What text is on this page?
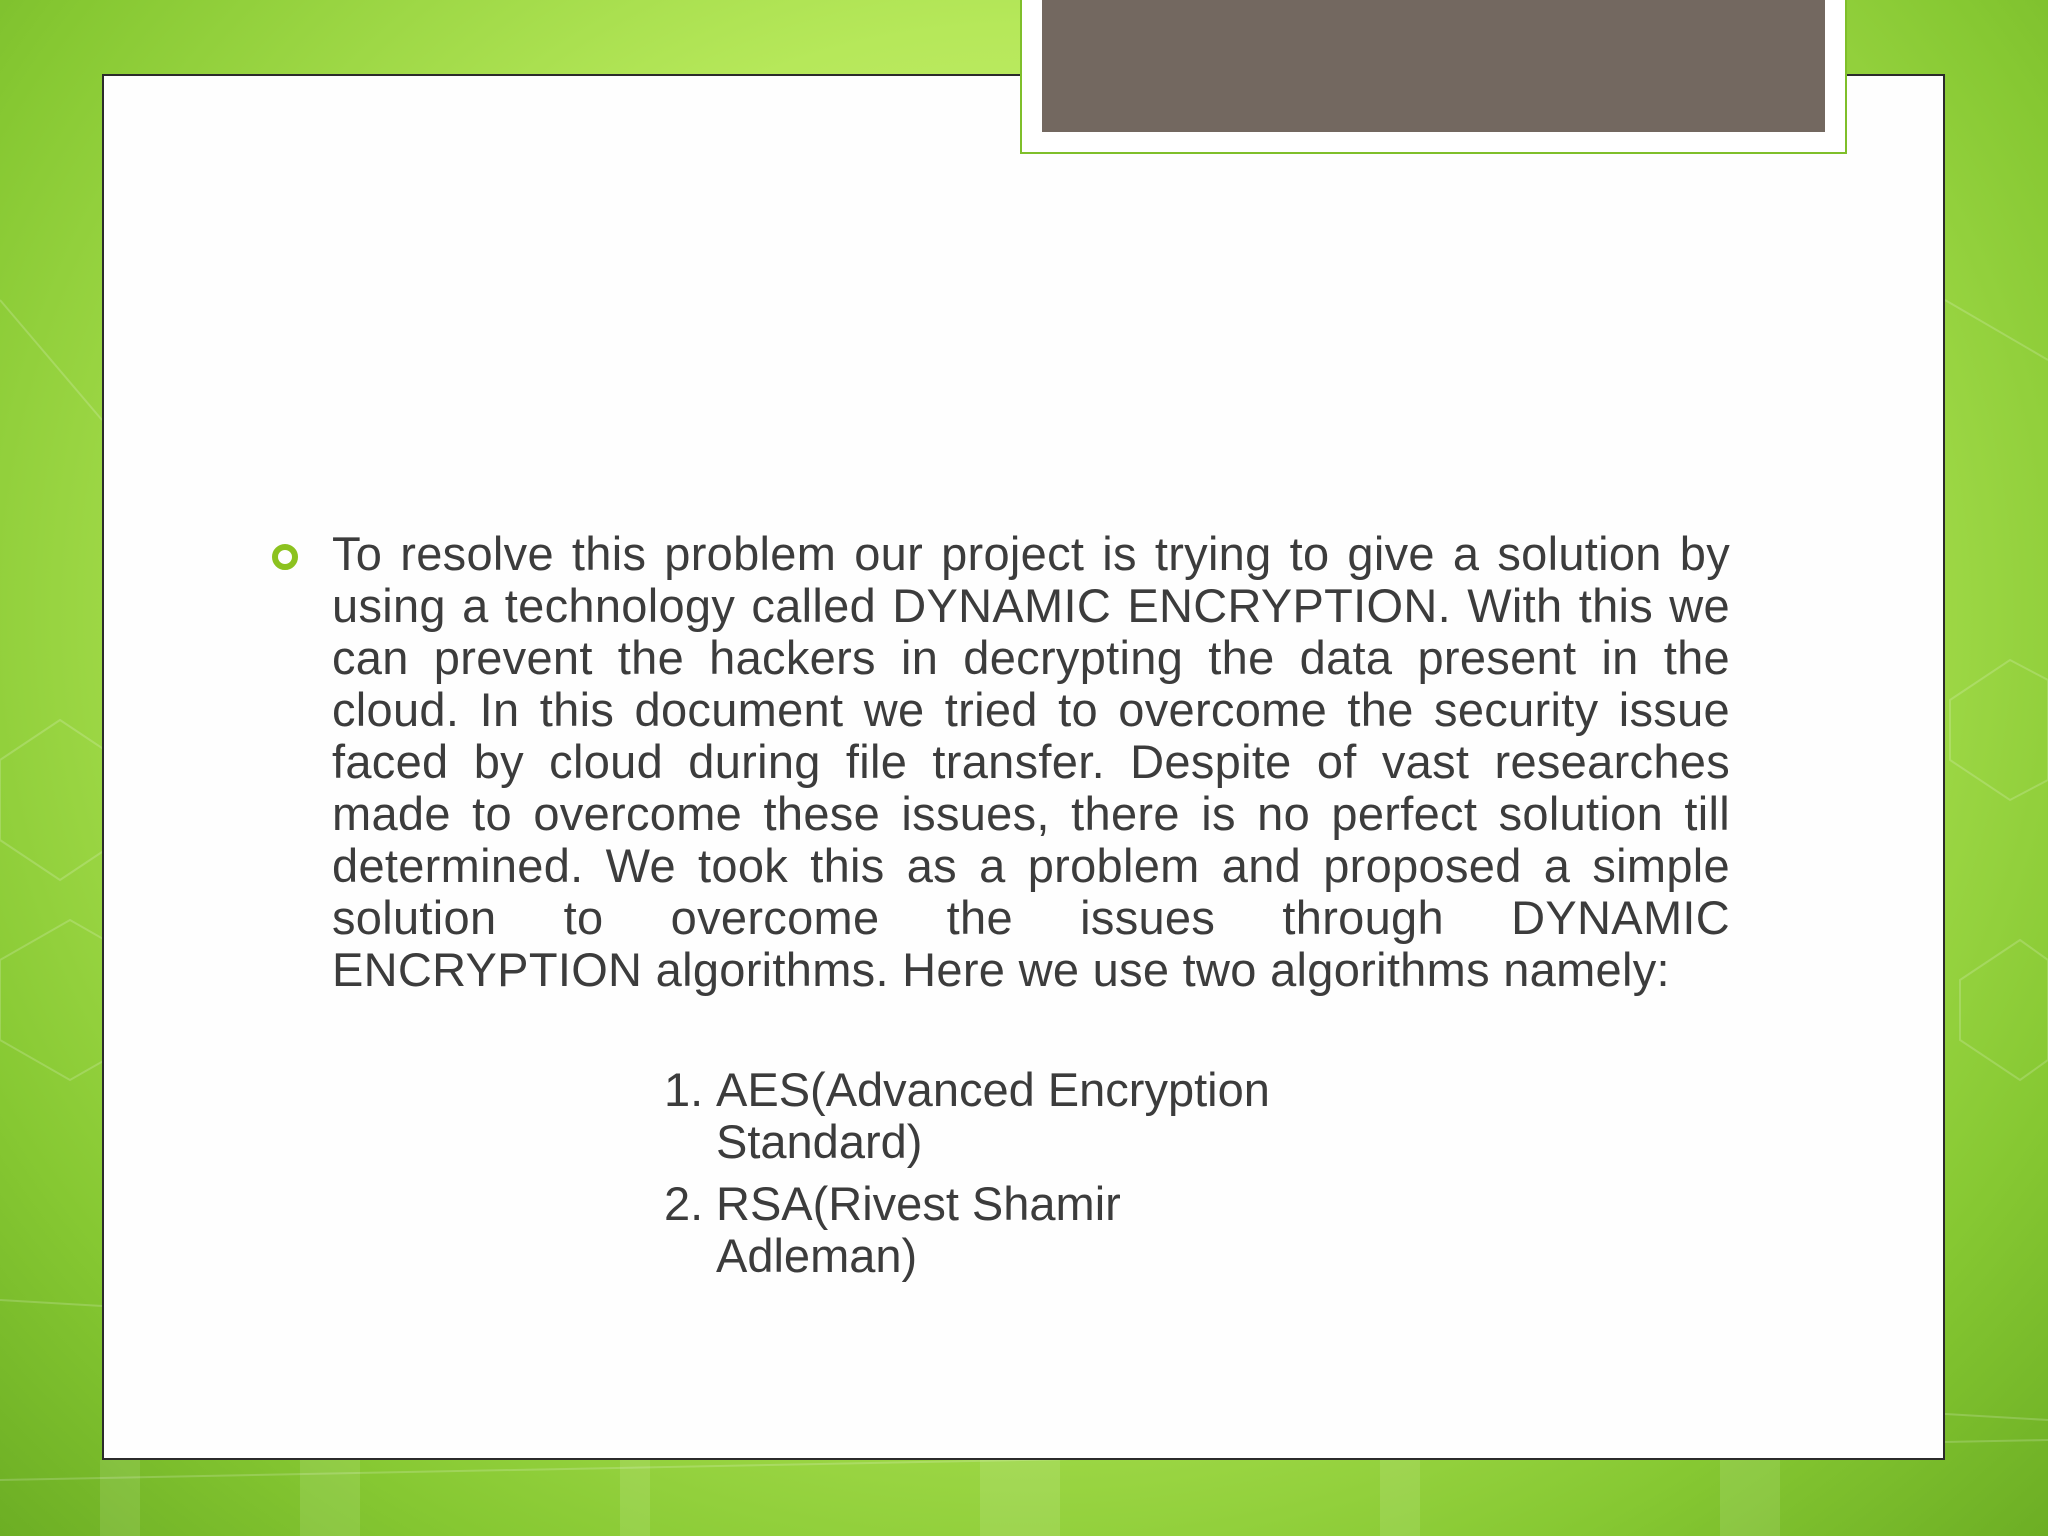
To resolve this problem our project is trying to give a solution by using a technology called DYNAMIC ENCRYPTION. With this we can prevent the hackers in decrypting the data present in the cloud. In this document we tried to overcome the security issue faced by cloud during file transfer. Despite of vast researches made to overcome these issues, there is no perfect solution till determined. We took this as a problem and proposed a simple solution to overcome the issues through DYNAMIC ENCRYPTION algorithms. Here we use two algorithms namely:

1. AES(Advanced Encryption Standard)
2. RSA(Rivest Shamir Adleman)
